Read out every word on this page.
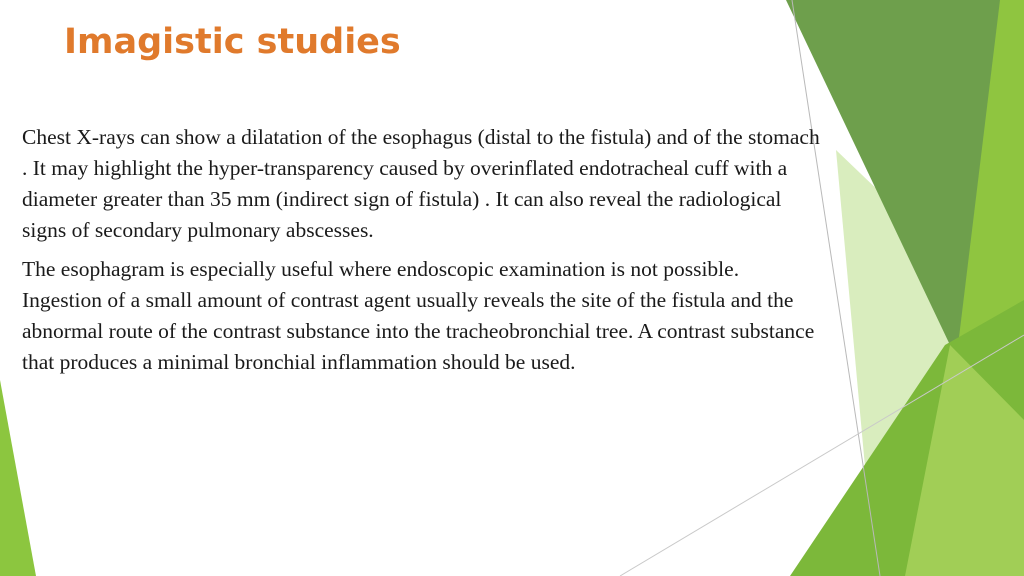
Imagistic studies

Chest X-rays can show a dilatation of the esophagus (distal to the fistula) and of the stomach . It may highlight the hyper-transparency caused by overinflated endotracheal cuff with a diameter greater than 35 mm (indirect sign of fistula) . It can also reveal the radiological signs of secondary pulmonary abscesses.

The esophagram is especially useful where endoscopic examination is not possible. Ingestion of a small amount of contrast agent usually reveals the site of the fistula and the abnormal route of the contrast substance into the tracheobronchial tree. A contrast substance that produces a minimal bronchial inflammation should be used.
